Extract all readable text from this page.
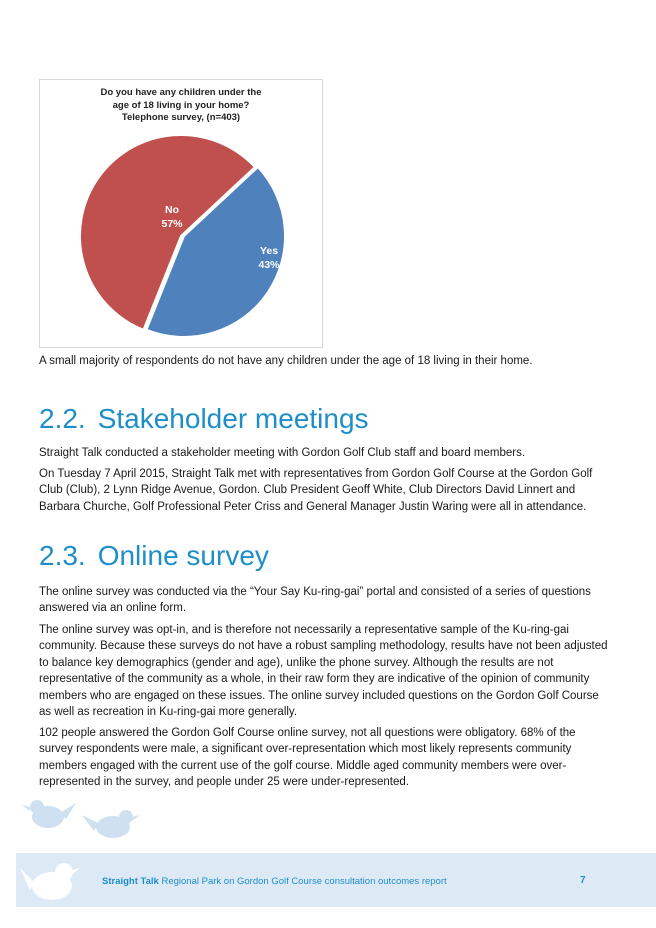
Do you have any children under the
age of 18 living in your home?
Telephone survey, (n=403)
Yes
43%
No
57%
A small majority of respondents do not have any children under the age of 18 living in their home.
2.2. Stakeholder meetings

Straight Talk conducted a stakeholder meeting with Gordon Golf Club staff and board members.

On Tuesday 7 April 2015, Straight Talk met with representatives from Gordon Golf Course at the Gordon Golf Club (Club), 2 Lynn Ridge Avenue, Gordon. Club President Geoff White, Club Directors David Linnert and Barbara Churche, Golf Professional Peter Criss and General Manager Justin Waring were all in attendance.

2.3. Online survey

The online survey was conducted via the “Your Say Ku-ring-gai” portal and consisted of a series of questions answered via an online form.

The online survey was opt-in, and is therefore not necessarily a representative sample of the Ku-ring-gai community. Because these surveys do not have a robust sampling methodology, results have not been adjusted to balance key demographics (gender and age), unlike the phone survey. Although the results are not representative of the community as a whole, in their raw form they are indicative of the opinion of community members who are engaged on these issues. The online survey included questions on the Gordon Golf Course as well as recreation in Ku-ring-gai more generally.

102 people answered the Gordon Golf Course online survey, not all questions were obligatory. 68% of the survey respondents were male, a significant over-representation which most likely represents community members engaged with the current use of the golf course. Middle aged community members were over-represented in the survey, and people under 25 were under-represented.

Straight Talk Regional Park on Gordon Golf Course consultation outcomes report	7
